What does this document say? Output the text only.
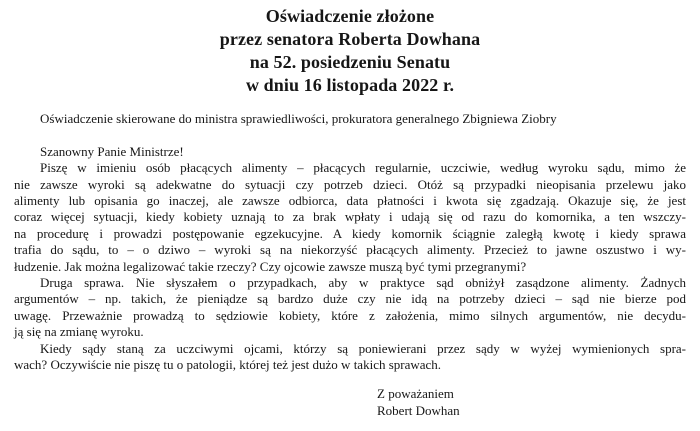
Oświadczenie złożone
przez senatora Roberta Dowhana
na 52. posiedzeniu Senatu
w dniu 16 listopada 2022 r.
Oświadczenie skierowane do ministra sprawiedliwości, prokuratora generalnego Zbigniewa Ziobry
Szanowny Panie Ministrze!
Piszę w imieniu osób płacących alimenty – płacących regularnie, uczciwie, według wyroku sądu, mimo że
nie zawsze wyroki są adekwatne do sytuacji czy potrzeb dzieci. Otóż są przypadki nieopisania przelewu jako
alimenty lub opisania go inaczej, ale zawsze odbiorca, data płatności i kwota się zgadzają. Okazuje się, że jest
coraz więcej sytuacji, kiedy kobiety uznają to za brak wpłaty i udają się od razu do komornika, a ten wszczy-
na procedurę i prowadzi postępowanie egzekucyjne. A kiedy komornik ściągnie zaległą kwotę i kiedy sprawa
trafia do sądu, to – o dziwo – wyroki są na niekorzyść płacących alimenty. Przecież to jawne oszustwo i wy-
łudzenie. Jak można legalizować takie rzeczy? Czy ojcowie zawsze muszą być tymi przegranymi?
Druga sprawa. Nie słyszałem o przypadkach, aby w praktyce sąd obniżył zasądzone alimenty. Żadnych
argumentów – np. takich, że pieniądze są bardzo duże czy nie idą na potrzeby dzieci – sąd nie bierze pod
uwagę. Przeważnie prowadzą to sędziowie kobiety, które z założenia, mimo silnych argumentów, nie decydu-
ją się na zmianę wyroku.
Kiedy sądy staną za uczciwymi ojcami, którzy są poniewierani przez sądy w wyżej wymienionych spra-
wach? Oczywiście nie piszę tu o patologii, której też jest dużo w takich sprawach.
Z poważaniem
Robert Dowhan
